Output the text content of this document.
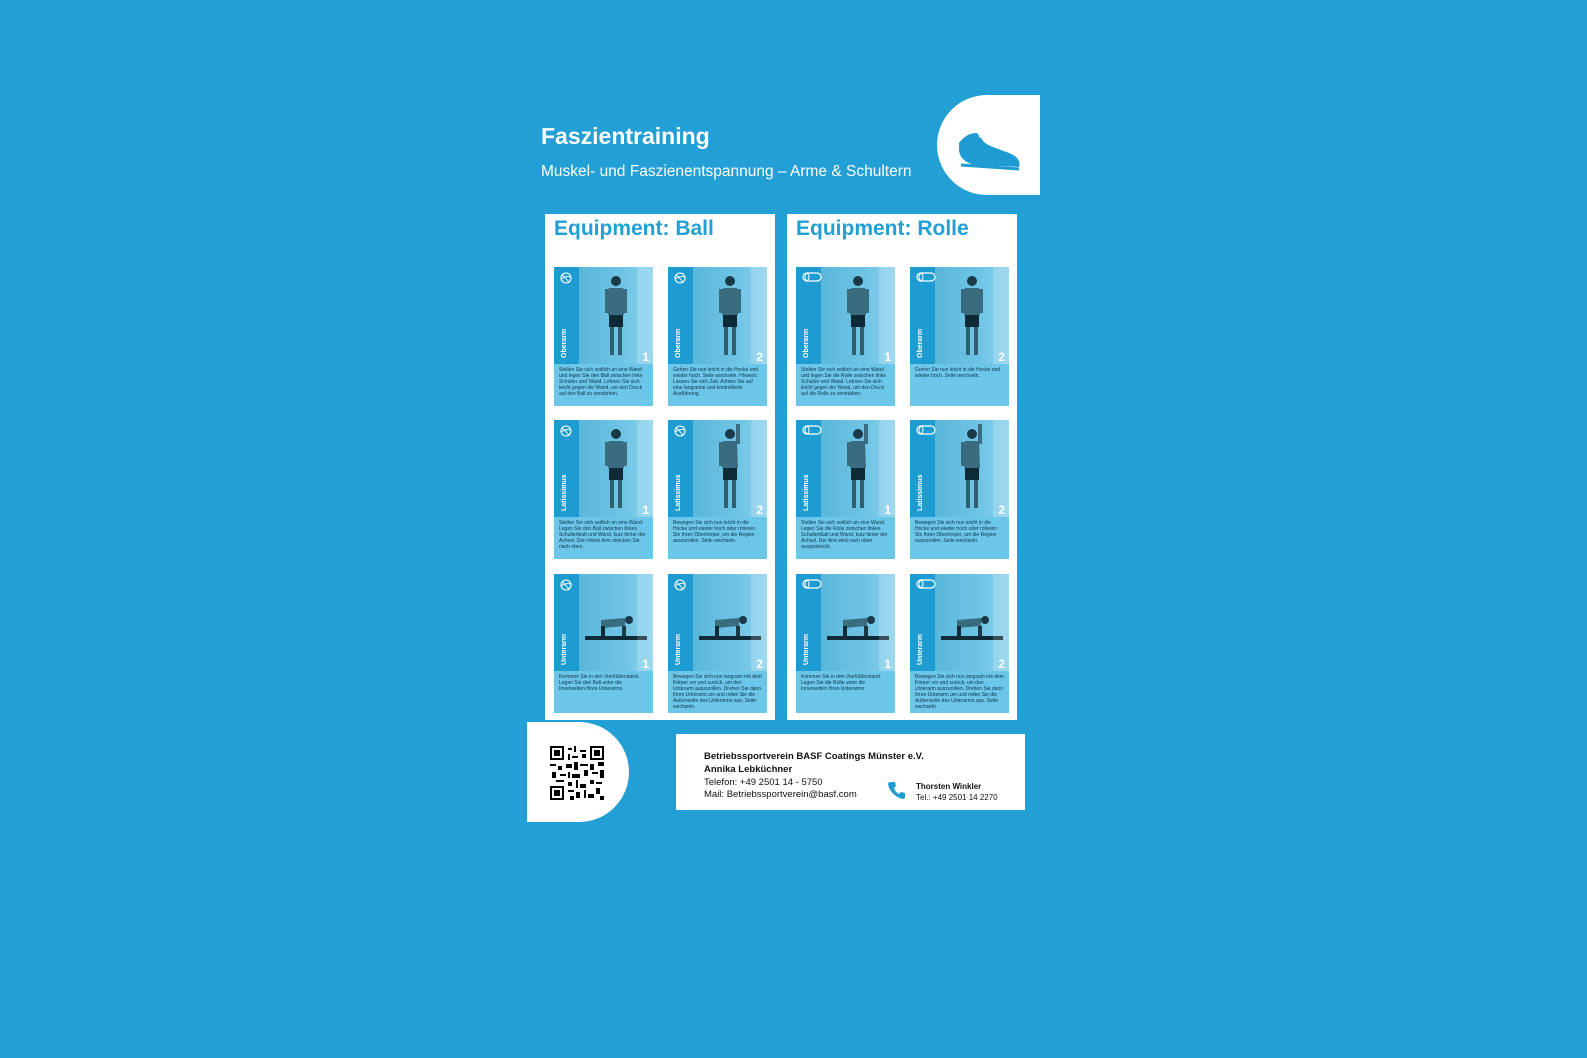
Faszientraining

Muskel- und Faszienentspannung – Arme & Schultern

Equipment: Ball
Oberarm	1
Stellen Sie sich seitlich an eine Wand und legen Sie den Ball zwischen linke Schulter und Wand. Lehnen Sie sich leicht gegen die Wand, um den Druck auf den Ball zu verstärken.
Oberarm	2
Gehen Sie nun leicht in die Hocke und wieder hoch. Seite wechseln. Hinweis: Lassen Sie sich Zeit. Achten Sie auf eine langsame und kontrollierte Ausführung.
Latissimus	1
Stellen Sie sich seitlich an eine Wand. Legen Sie den Ball zwischen linkes Schulterblatt und Wand, kurz hinter der Achsel. Den linken Arm strecken Sie nach oben.
Latissimus	2
Bewegen Sie sich nun leicht in die Hocke und wieder hoch oder rotieren Sie Ihren Oberkörper, um die Region auszurollen. Seite wechseln.
Unterarm	1
Kommen Sie in den Vierfüßlerstand. Legen Sie den Ball unter die Innenseiten Ihres Unterarms.
Unterarm	2
Bewegen Sie sich nun langsam mit dem Körper vor und zurück, um den Unterarm auszurollen. Drehen Sie dann Ihren Unterarm um und rollen Sie die Außenseite des Unterarms aus. Seite wechseln.
Equipment: Rolle
Oberarm	1
Stellen Sie sich seitlich an eine Wand und legen Sie die Rolle zwischen linke Schulter und Wand. Lehnen Sie sich leicht gegen die Wand, um den Druck auf die Rolle zu verstärken.
Oberarm	2
Gehen Sie nun leicht in die Hocke und wieder hoch. Seite wechseln.
Latissimus	1
Stellen Sie sich seitlich an eine Wand. Legen Sie die Rolle zwischen linkes Schulterblatt und Wand, kurz hinter der Achsel. Der Arm wird nach oben ausgestreckt.
Latissimus	2
Bewegen Sie sich nun leicht in die Hocke und wieder hoch oder rotieren Sie Ihren Oberkörper, um die Region auszurollen. Seite wechseln.
Unterarm	1
Kommen Sie in den Vierfüßlerstand. Legen Sie die Rolle unter die Innenseiten Ihres Unterarms.
Unterarm	2
Bewegen Sie sich nun langsam mit dem Körper vor und zurück, um den Unterarm auszurollen. Drehen Sie dann Ihren Unterarm um und rollen Sie die Außenseite des Unterarms aus. Seite wechseln.
Betriebssportverein BASF Coatings Münster e.V.
Annika Lebküchner
Telefon: +49 2501 14 - 5750
Mail: Betriebssportverein@basf.com
Thorsten Winkler
Tel.: +49 2501 14 2270
